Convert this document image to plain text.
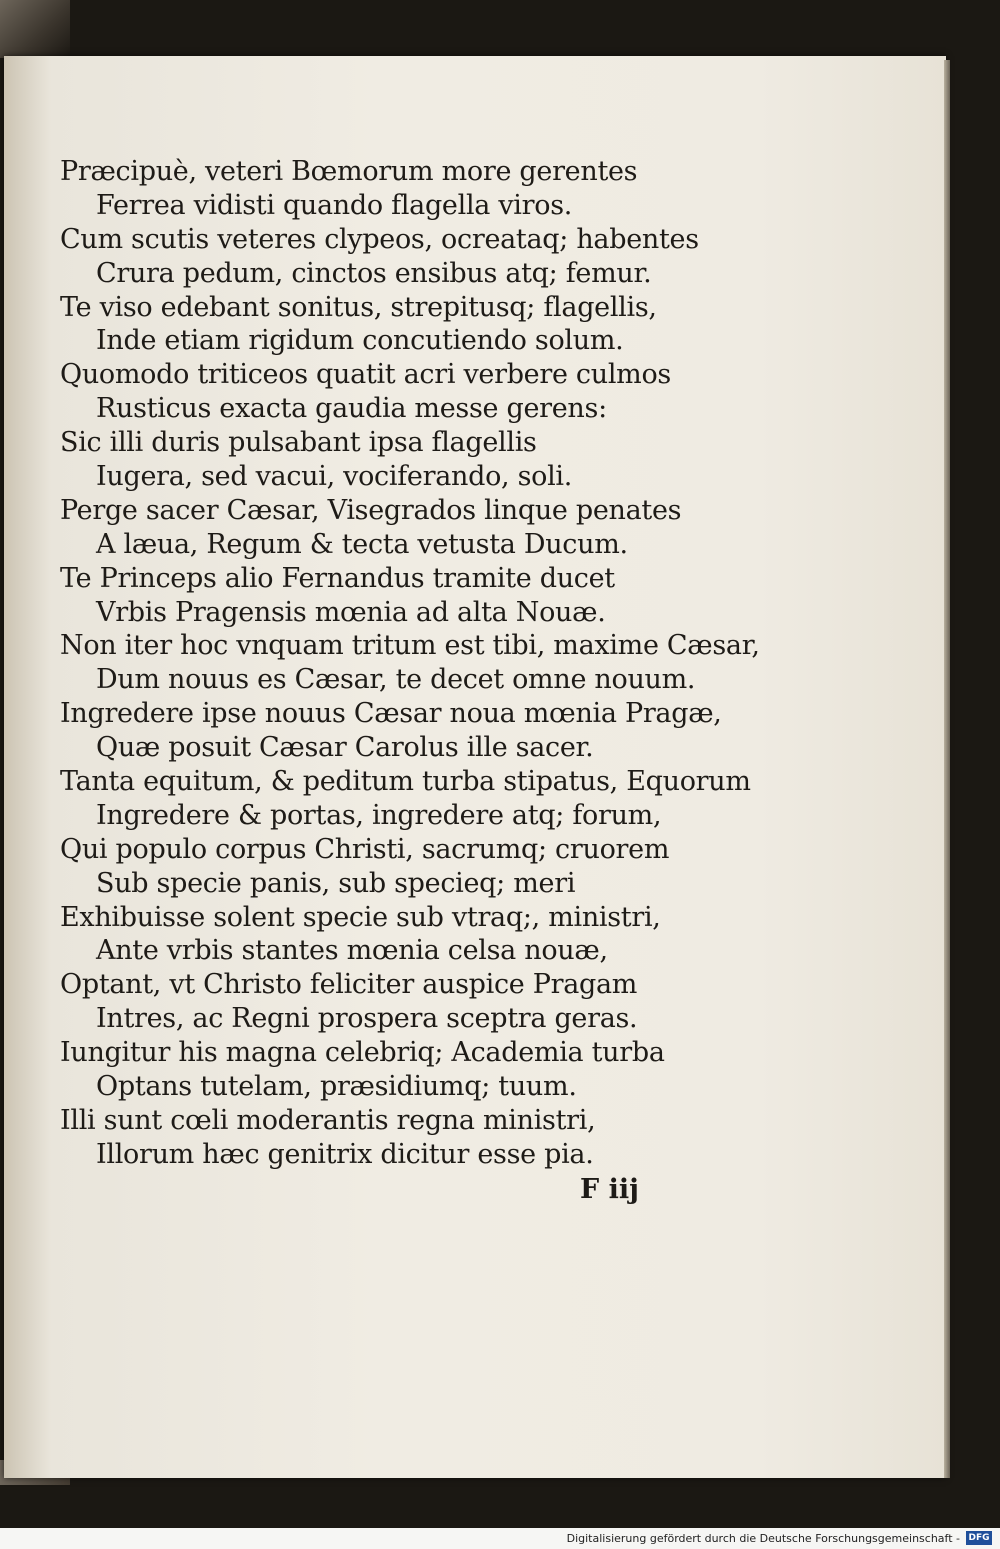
Præcipuè, veteri Bœmorum more gerentes
Ferrea vidisti quando flagella viros.
Cum scutis veteres clypeos, ocreataq; habentes
Crura pedum, cinctos ensibus atq; femur.
Te viso edebant sonitus, strepitusq; flagellis,
Inde etiam rigidum concutiendo solum.
Quomodo triticeos quatit acri verbere culmos
Rusticus exacta gaudia messe gerens:
Sic illi duris pulsabant ipsa flagellis
Iugera, sed vacui, vociferando, soli.
Perge sacer Cæsar, Visegrados linque penates
A læua, Regum & tecta vetusta Ducum.
Te Princeps alio Fernandus tramite ducet
Vrbis Pragensis mœnia ad alta Nouæ.
Non iter hoc vnquam tritum est tibi, maxime Cæsar,
Dum nouus es Cæsar, te decet omne nouum.
Ingredere ipse nouus Cæsar noua mœnia Pragæ,
Quæ posuit Cæsar Carolus ille sacer.
Tanta equitum, & peditum turba stipatus, Equorum
Ingredere & portas, ingredere atq; forum,
Qui populo corpus Christi, sacrumq; cruorem
Sub specie panis, sub specieq; meri
Exhibuisse solent specie sub vtraq;, ministri,
Ante vrbis stantes mœnia celsa nouæ,
Optant, vt Christo feliciter auspice Pragam
Intres, ac Regni prospera sceptra geras.
Iungitur his magna celebriq; Academia turba
Optans tutelam, præsidiumq; tuum.
Illi sunt cœli moderantis regna ministri,
Illorum hæc genitrix dicitur esse pia.
F iij
Digitalisierung gefördert durch die Deutsche Forschungsgemeinschaft - DFG
